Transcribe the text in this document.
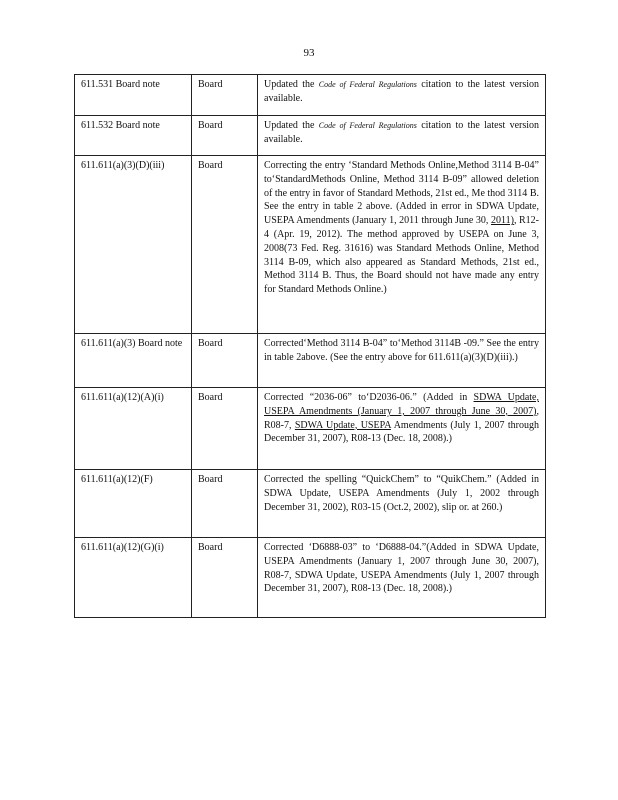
93
611.531 Board note	Board	Updated the Code of Federal Regulations citation to the latest version available.
611.532 Board note	Board	Updated the Code of Federal Regulations citation to the latest version available.
611.611(a)(3)(D)(iii)	Board	Correcting the entry ‘Standard Methods Online,Method 3114 B-04” to‘StandardMethods Online, Method 3114 B-09” allowed deletion of the entry in favor of Standard Methods, 21st ed., Me thod 3114 B. See the entry in table 2 above. (Added in error in SDWA Update, USEPA Amendments (January 1, 2011 through June 30, 2011), R12-4 (Apr. 19, 2012). The method approved by USEPA on June 3, 2008(73 Fed. Reg. 31616) was Standard Methods Online, Method 3114 B-09, which also appeared as Standard Methods, 21st ed., Method 3114 B. Thus, the Board should not have made any entry for Standard Methods Online.)
611.611(a)(3) Board note	Board	Corrected‘Method 3114 B-04” to‘Method 3114B -09.” See the entry in table 2above. (See the entry above for 611.611(a)(3)(D)(iii).)
611.611(a)(12)(A)(i)	Board	Corrected “2036-06” to‘D2036-06.” (Added in SDWA Update, USEPA Amendments (January 1, 2007 through June 30, 2007), R08-7, SDWA Update, USEPA Amendments (July 1, 2007 through December 31, 2007), R08-13 (Dec. 18, 2008).)
611.611(a)(12)(F)	Board	Corrected the spelling “QuickChem” to “QuikChem.” (Added in SDWA Update, USEPA Amendments (July 1, 2002 through December 31, 2002), R03-15 (Oct.2, 2002), slip or. at 260.)
611.611(a)(12)(G)(i)	Board	Corrected ‘D6888-03” to ‘D6888-04.”(Added in SDWA Update, USEPA Amendments (January 1, 2007 through June 30, 2007), R08-7, SDWA Update, USEPA Amendments (July 1, 2007 through December 31, 2007), R08-13 (Dec. 18, 2008).)
